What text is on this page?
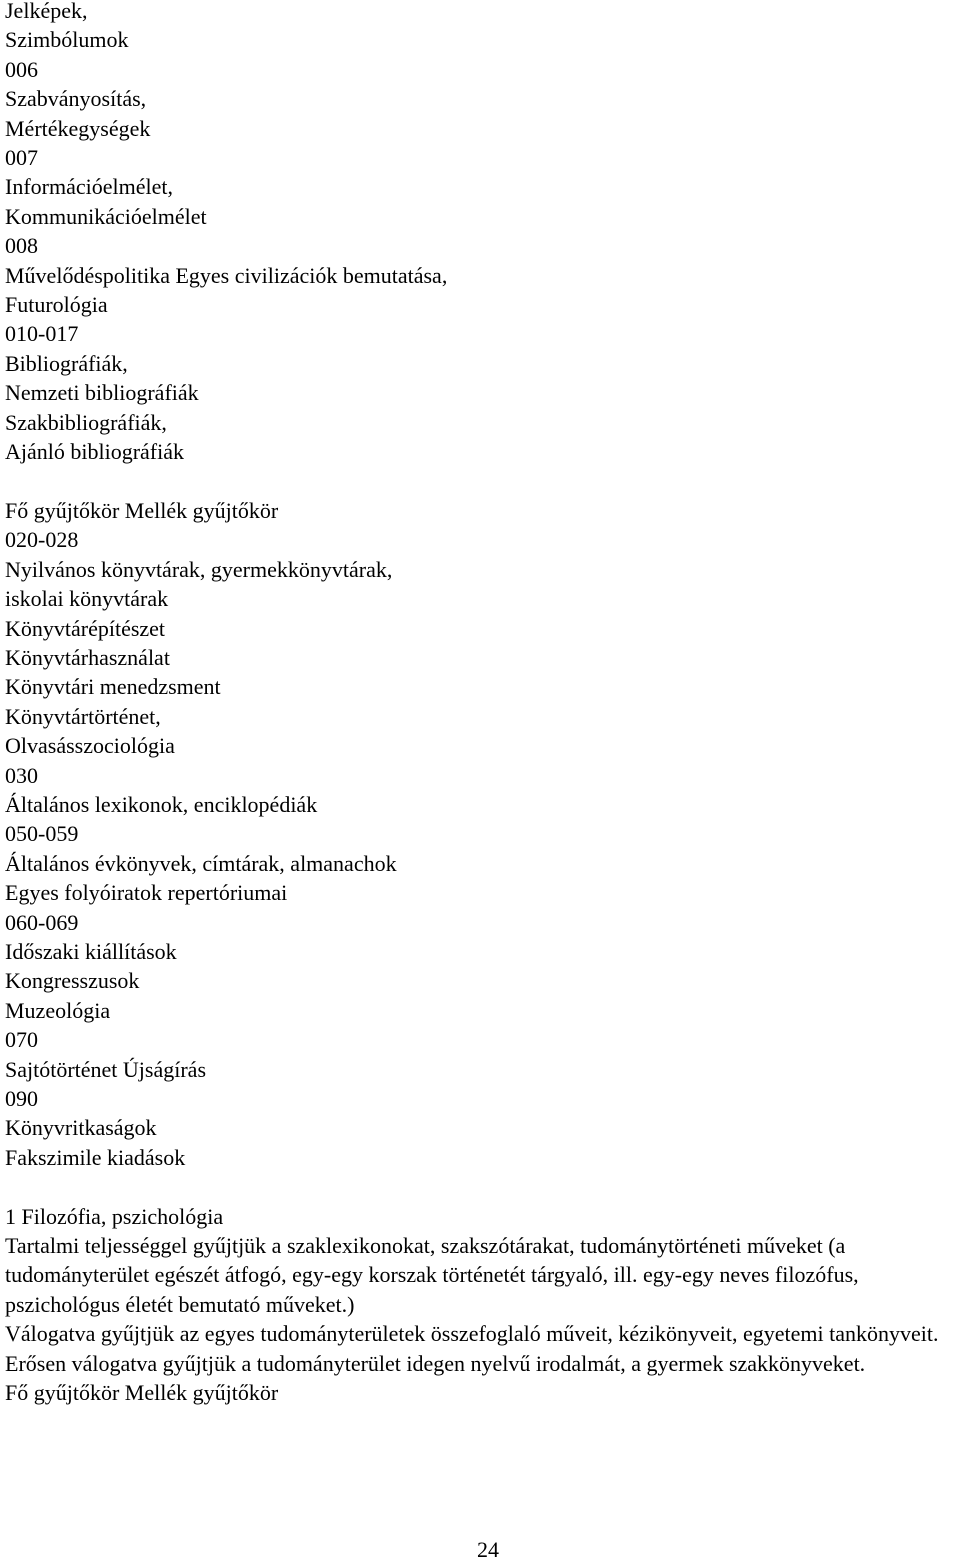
Jelképek,

Szimbólumok

006

Szabványosítás,

Mértékegységek

007

Információelmélet,

Kommunikációelmélet

008

Művelődéspolitika Egyes civilizációk bemutatása,

Futurológia

010-017

Bibliográfiák,

Nemzeti bibliográfiák

Szakbibliográfiák,

Ajánló bibliográfiák

Fő gyűjtőkör Mellék gyűjtőkör

020-028

Nyilvános könyvtárak, gyermekkönyvtárak,

iskolai könyvtárak

Könyvtárépítészet

Könyvtárhasználat

Könyvtári menedzsment

Könyvtártörténet,

Olvasásszociológia

030

Általános lexikonok, enciklopédiák

050-059

Általános évkönyvek, címtárak, almanachok

Egyes folyóiratok repertóriumai

060-069

Időszaki kiállítások

Kongresszusok

Muzeológia

070

Sajtótörténet Újságírás

090

Könyvritkaságok

Fakszimile kiadások

1 Filozófia, pszichológia

Tartalmi teljességgel gyűjtjük a szaklexikonokat, szakszótárakat, tudománytörténeti műveket (a tudományterület egészét átfogó, egy-egy korszak történetét tárgyaló, ill. egy-egy neves filozófus, pszichológus életét bemutató műveket.)

Válogatva gyűjtjük az egyes tudományterületek összefoglaló műveit, kézikönyveit, egyetemi tankönyveit.

Erősen válogatva gyűjtjük a tudományterület idegen nyelvű irodalmát, a gyermek szakkönyveket.

Fő gyűjtőkör Mellék gyűjtőkör

24
